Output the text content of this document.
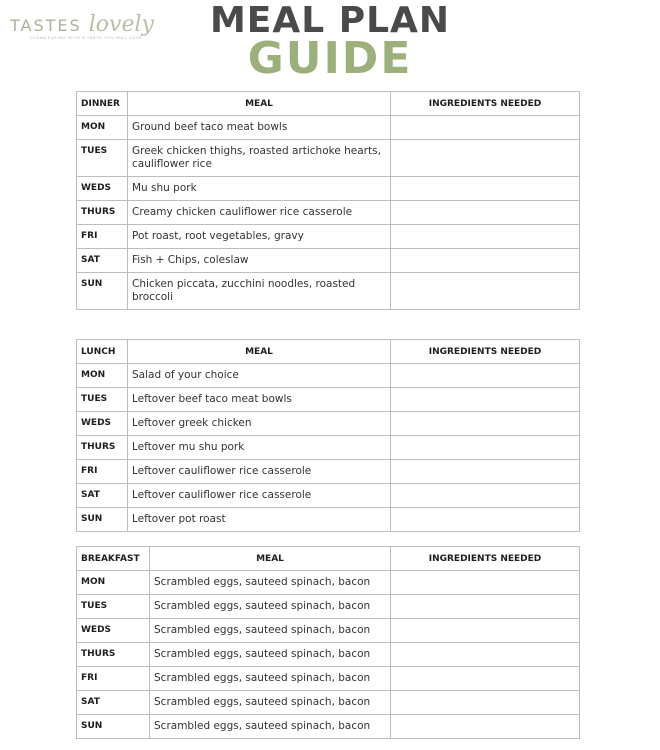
TASTES lovely
CLEAN EATING WITH A TASTE YOU WILL LOVE	MEAL PLAN
GUIDE
DINNER	MEAL	INGREDIENTS NEEDED
MON	Ground beef taco meat bowls	
TUES	Greek chicken thighs, roasted artichoke hearts, cauliflower rice	
WEDS	Mu shu pork	
THURS	Creamy chicken cauliflower rice casserole	
FRI	Pot roast, root vegetables, gravy	
SAT	Fish + Chips, coleslaw	
SUN	Chicken piccata, zucchini noodles, roasted broccoli	
LUNCH	MEAL	INGREDIENTS NEEDED
MON	Salad of your choice	
TUES	Leftover beef taco meat bowls	
WEDS	Leftover greek chicken	
THURS	Leftover mu shu pork	
FRI	Leftover cauliflower rice casserole	
SAT	Leftover cauliflower rice casserole	
SUN	Leftover pot roast	
BREAKFAST	MEAL	INGREDIENTS NEEDED
MON	Scrambled eggs, sauteed spinach, bacon	
TUES	Scrambled eggs, sauteed spinach, bacon	
WEDS	Scrambled eggs, sauteed spinach, bacon	
THURS	Scrambled eggs, sauteed spinach, bacon	
FRI	Scrambled eggs, sauteed spinach, bacon	
SAT	Scrambled eggs, sauteed spinach, bacon	
SUN	Scrambled eggs, sauteed spinach, bacon	
